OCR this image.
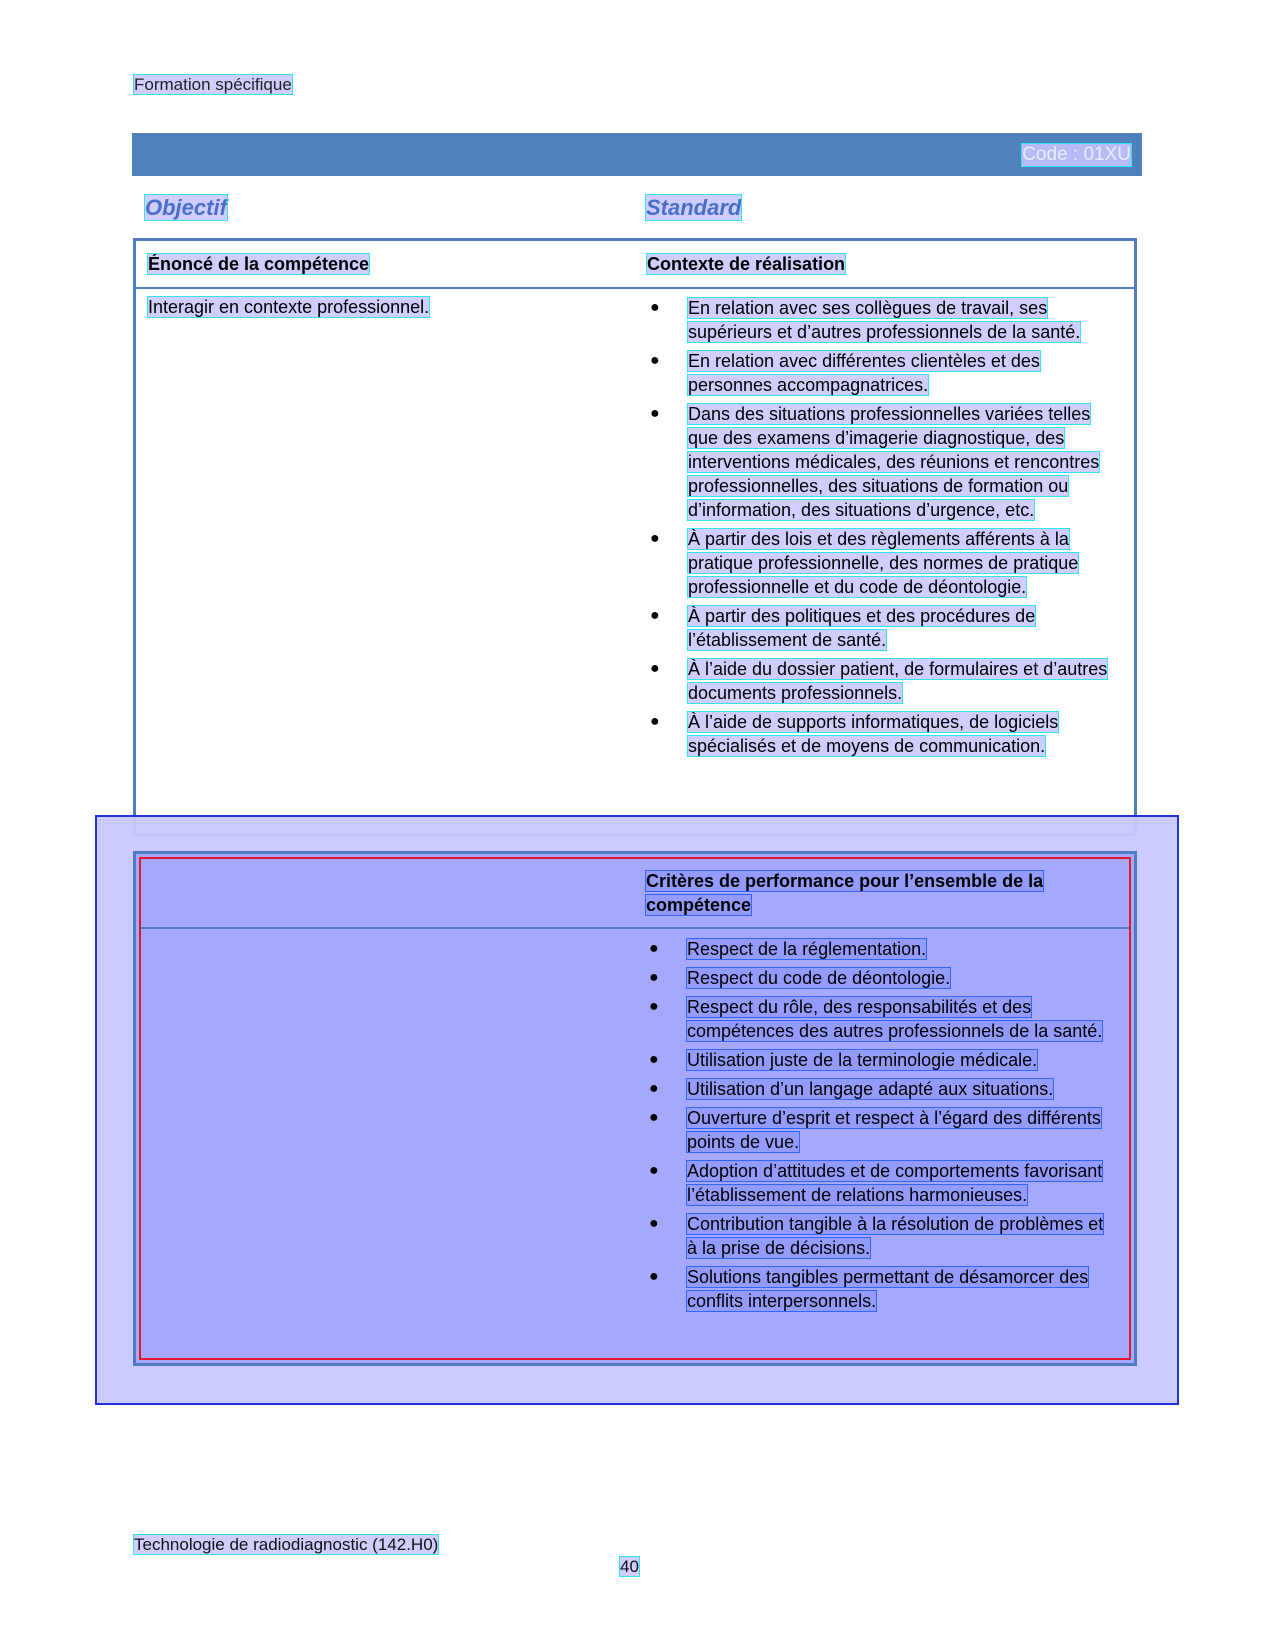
Formation spécifique
Code : 01XU
Objectif	Standard
Énoncé de la compétence	Contexte de réalisation
Interagir en contexte professionnel.	● En relation avec ses collègues de travail, ses supérieurs et d’autres professionnels de la santé.
● En relation avec différentes clientèles et des personnes accompagnatrices.
● Dans des situations professionnelles variées telles que des examens d’imagerie diagnostique, des interventions médicales, des réunions et rencontres professionnelles, des situations de formation ou d’information, des situations d’urgence, etc.
● À partir des lois et des règlements afférents à la pratique professionnelle, des normes de pratique professionnelle et du code de déontologie.
● À partir des politiques et des procédures de l’établissement de santé.
● À l’aide du dossier patient, de formulaires et d’autres documents professionnels.
● À l’aide de supports informatiques, de logiciels spécialisés et de moyens de communication.
Critères de performance pour l’ensemble de la compétence
● Respect de la réglementation.
● Respect du code de déontologie.
● Respect du rôle, des responsabilités et des compétences des autres professionnels de la santé.
● Utilisation juste de la terminologie médicale.
● Utilisation d’un langage adapté aux situations.
● Ouverture d’esprit et respect à l’égard des différents points de vue.
● Adoption d’attitudes et de comportements favorisant l’établissement de relations harmonieuses.
● Contribution tangible à la résolution de problèmes et à la prise de décisions.
● Solutions tangibles permettant de désamorcer des conflits interpersonnels.
Technologie de radiodiagnostic (142.H0)
40
